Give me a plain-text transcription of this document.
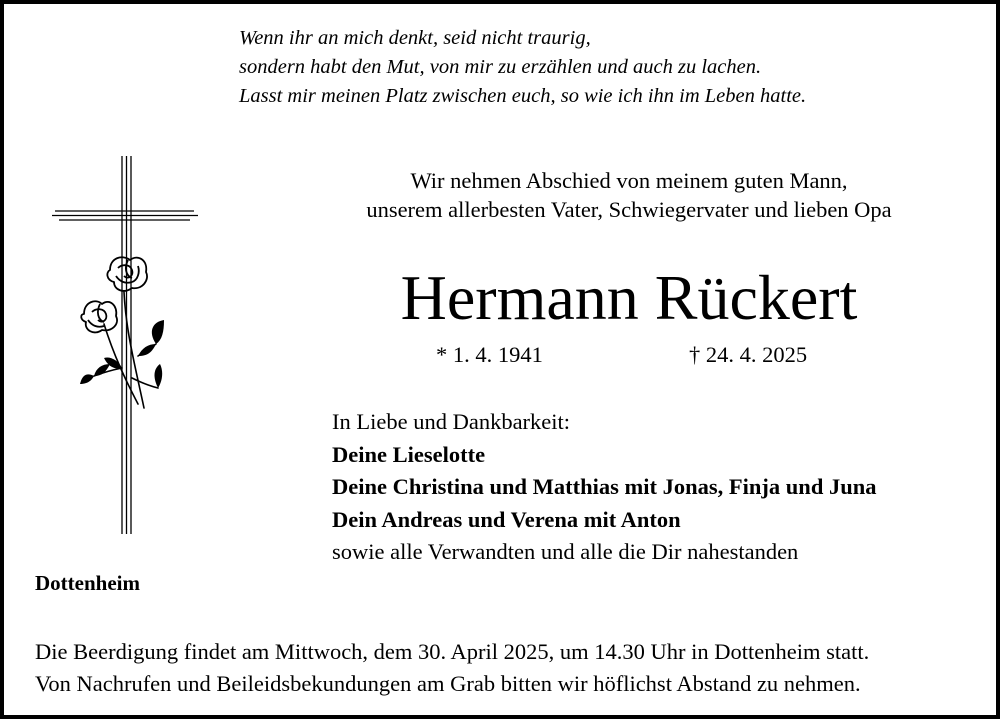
Wenn ihr an mich denkt, seid nicht traurig,
sondern habt den Mut, von mir zu erzählen und auch zu lachen.
Lasst mir meinen Platz zwischen euch, so wie ich ihn im Leben hatte.
Wir nehmen Abschied von meinem guten Mann,
unserem allerbesten Vater, Schwiegervater und lieben Opa
Hermann Rückert
* 1. 4. 1941	† 24. 4. 2025
In Liebe und Dankbarkeit:
Deine Lieselotte
Deine Christina und Matthias mit Jonas, Finja und Juna
Dein Andreas und Verena mit Anton
sowie alle Verwandten und alle die Dir nahestanden
Dottenheim
Die Beerdigung findet am Mittwoch, dem 30. April 2025, um 14.30 Uhr in Dottenheim statt.
Von Nachrufen und Beileidsbekundungen am Grab bitten wir höflichst Abstand zu nehmen.
